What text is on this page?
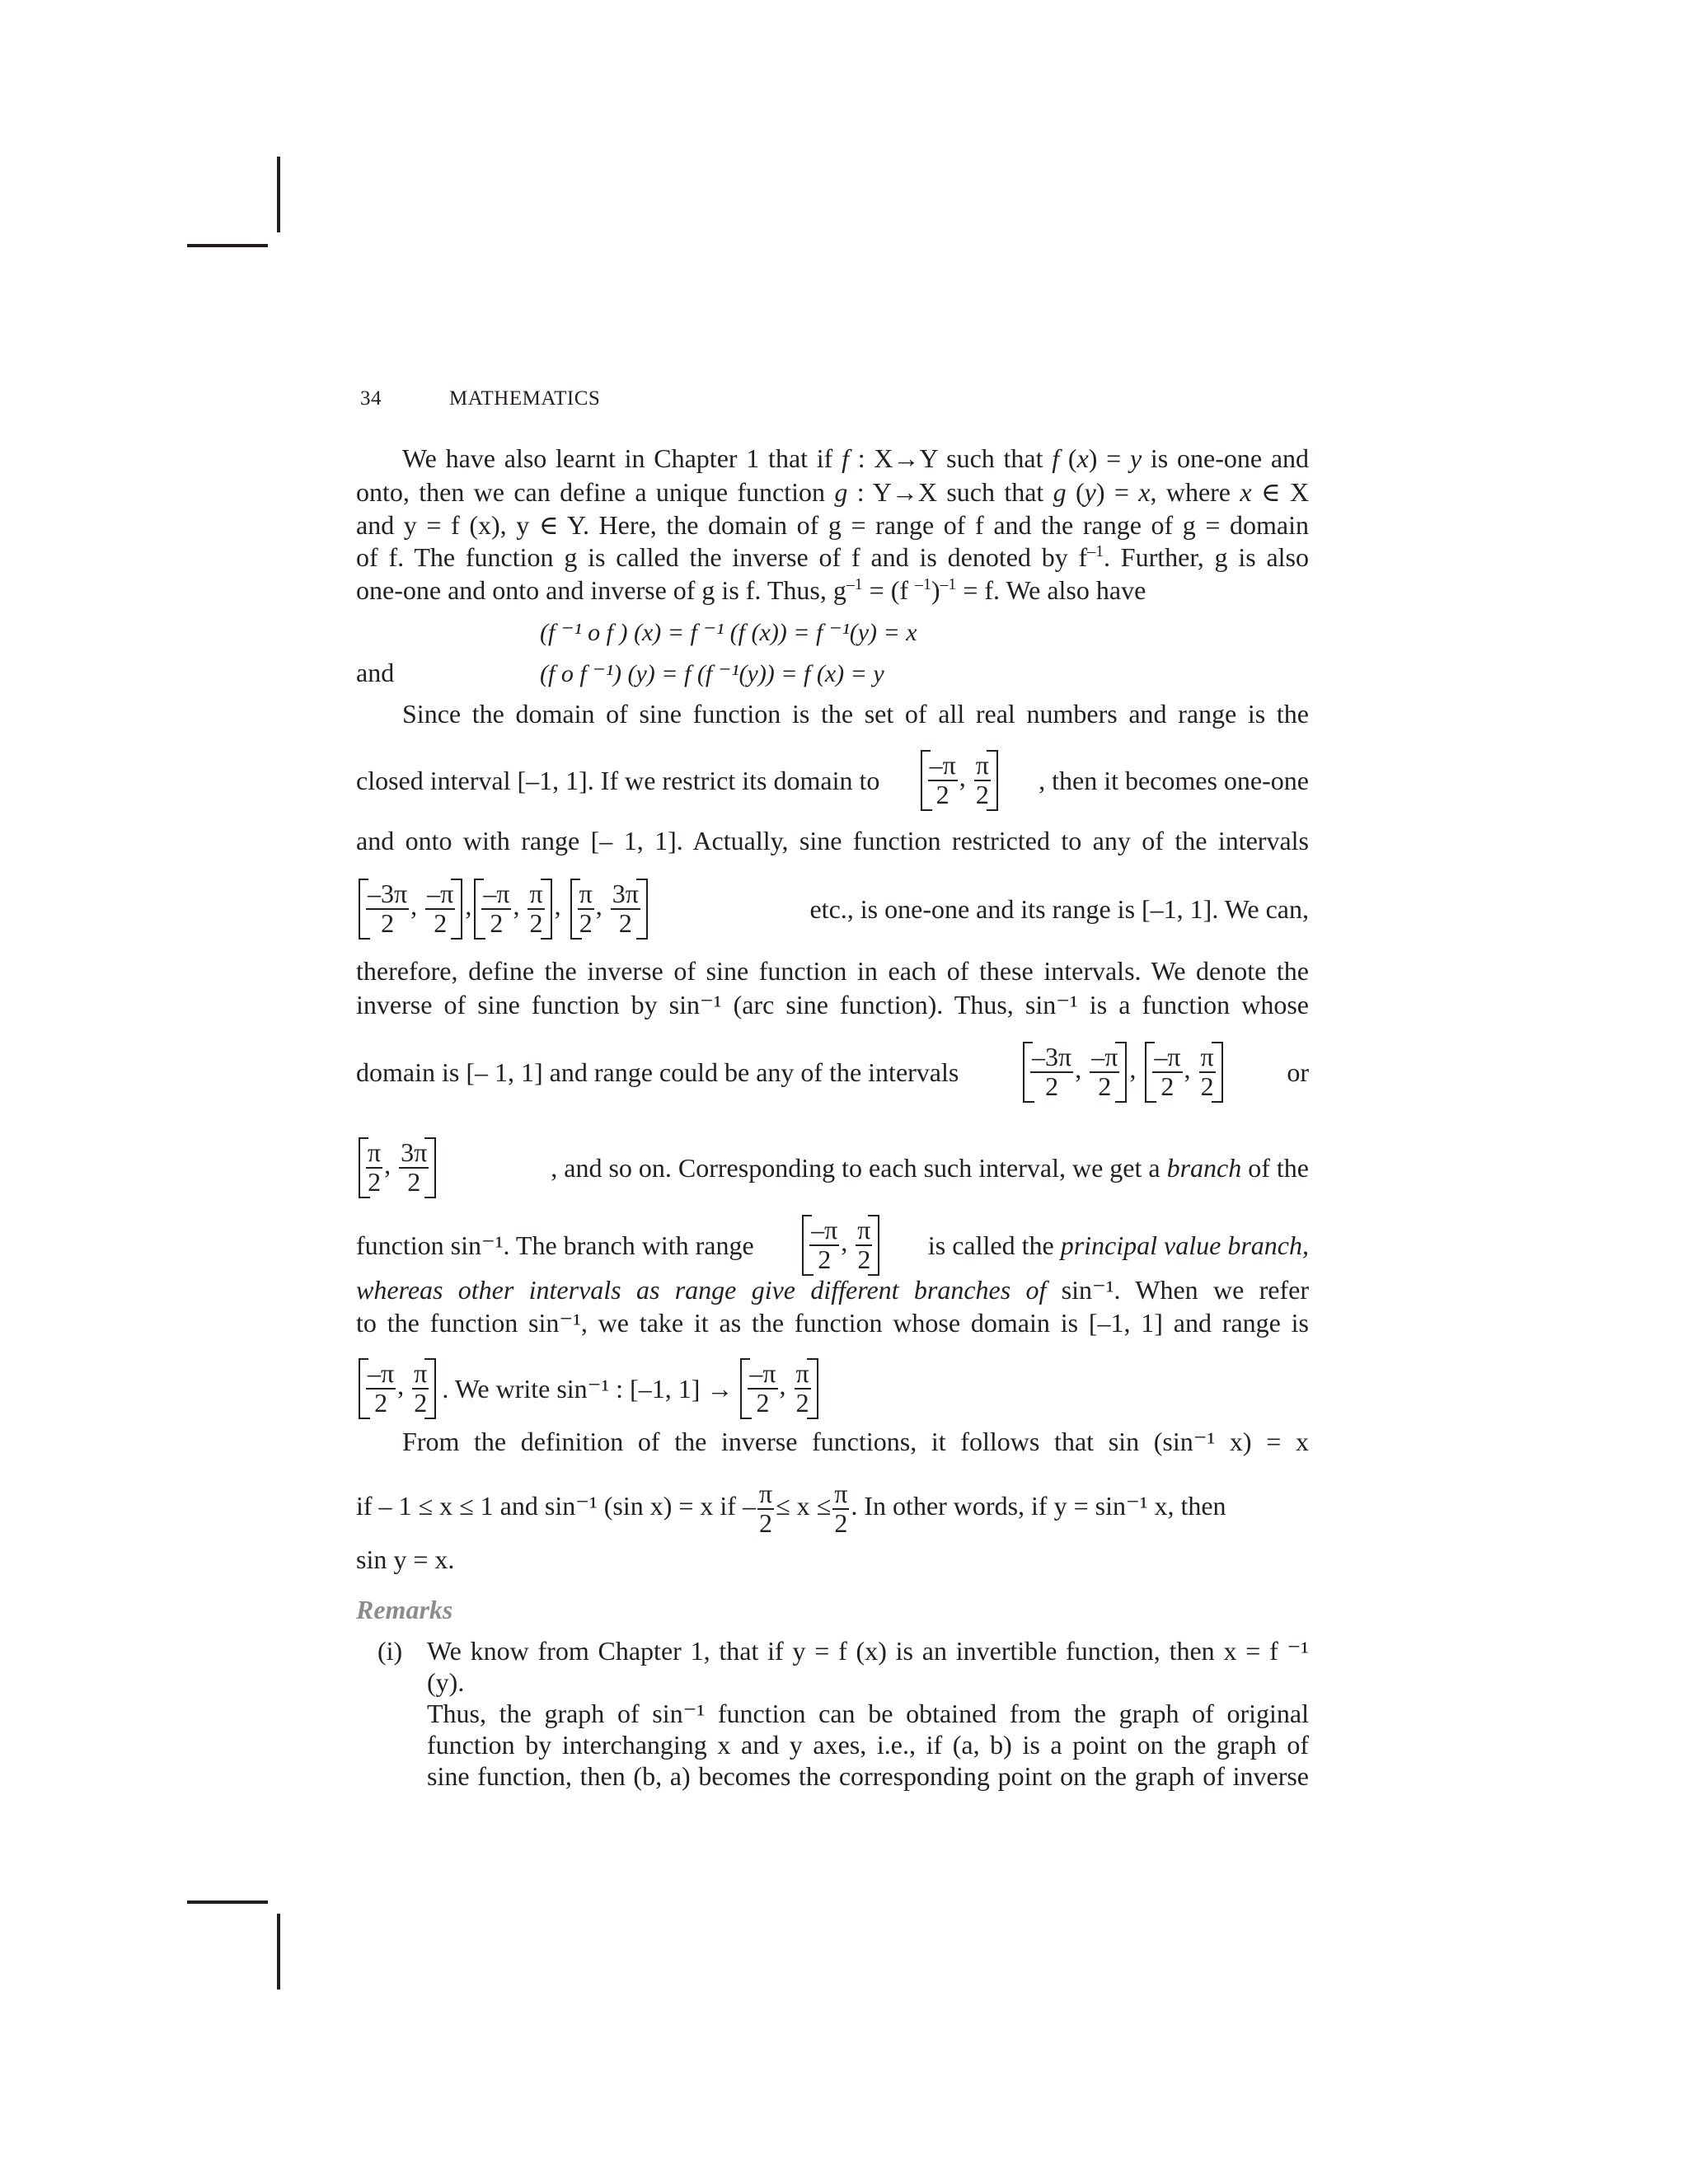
34	MATHEMATICS
We have also learnt in Chapter 1 that if f : X→Y such that f (x) = y is one-one and
onto, then we can define a unique function g : Y→X such that g (y) = x, where x ∈ X
and y = f (x), y ∈ Y. Here, the domain of g = range of f and the range of g = domain
of f. The function g is called the inverse of f and is denoted by $f^{-1}$. Further, g is also
one-one and onto and inverse of g is f. Thus, $g^{-1} = (f$ $^{-1}$)$^{-1}$ = f. We also have
(f ⁻¹ o f ) (x) = f ⁻¹ (f (x)) = f ⁻¹(y) = x
and	(f o f ⁻¹) (y) = f (f ⁻¹(y)) = f (x) = y
Since the domain of sine function is the set of all real numbers and range is the
closed interval [–1, 1]. If we restrict its domain to $\frac{-\pi}{2}$ , $\frac{\pi}{2}$ , then it becomes one-one
and onto with range [– 1, 1]. Actually, sine function restricted to any of the intervals
$\frac{-3\pi}{2}$ , $\frac{-\pi}{2}$ , $\frac{-\pi}{2}$ , $\frac{\pi}{2}$ , $\frac{\pi}{2}$ , $\frac{3\pi}{2}$	etc., is one-one and its range is [–1, 1]. We can,
therefore, define the inverse of sine function in each of these intervals. We denote the
inverse of sine function by sin⁻¹ (arc sine function). Thus, sin⁻¹ is a function whose
domain is [– 1, 1] and range could be any of the intervals	$\frac{-3\pi}{2}$ , $\frac{-\pi}{2}$ , $\frac{-\pi}{2}$ , $\frac{\pi}{2}$	or
$\frac{\pi}{2}$ , $\frac{3\pi}{2}$	, and so on. Corresponding to each such interval, we get a branch of the
function sin⁻¹. The branch with range $\frac{-\pi}{2}$ , $\frac{\pi}{2}$ is called the principal value branch,
whereas other intervals as range give different branches of sin⁻¹. When we refer
to the function sin⁻¹, we take it as the function whose domain is [–1, 1] and range is
$\frac{-\pi}{2}$ , $\frac{\pi}{2}$ . We write sin⁻¹ : [–1, $1] \to \frac{-\pi}{2}$ , $\frac{\pi}{2}$
From the definition of the inverse functions, it follows that sin (sin⁻¹ x) = x
if – 1 ≤ x ≤ 1 and sin⁻¹ (sin x) = x if – $\frac{\pi}{2} \le x \le \frac{\pi}{2}$ . In other words, if y = sin⁻¹ x, then
sin y = x.
Remarks
(i) We know from Chapter 1, that if y = f (x) is an invertible function, then x = f ⁻¹ (y).
Thus, the graph of sin⁻¹ function can be obtained from the graph of original
function by interchanging x and y axes, i.e., if (a, b) is a point on the graph of
sine function, then (b, a) becomes the corresponding point on the graph of inverse
